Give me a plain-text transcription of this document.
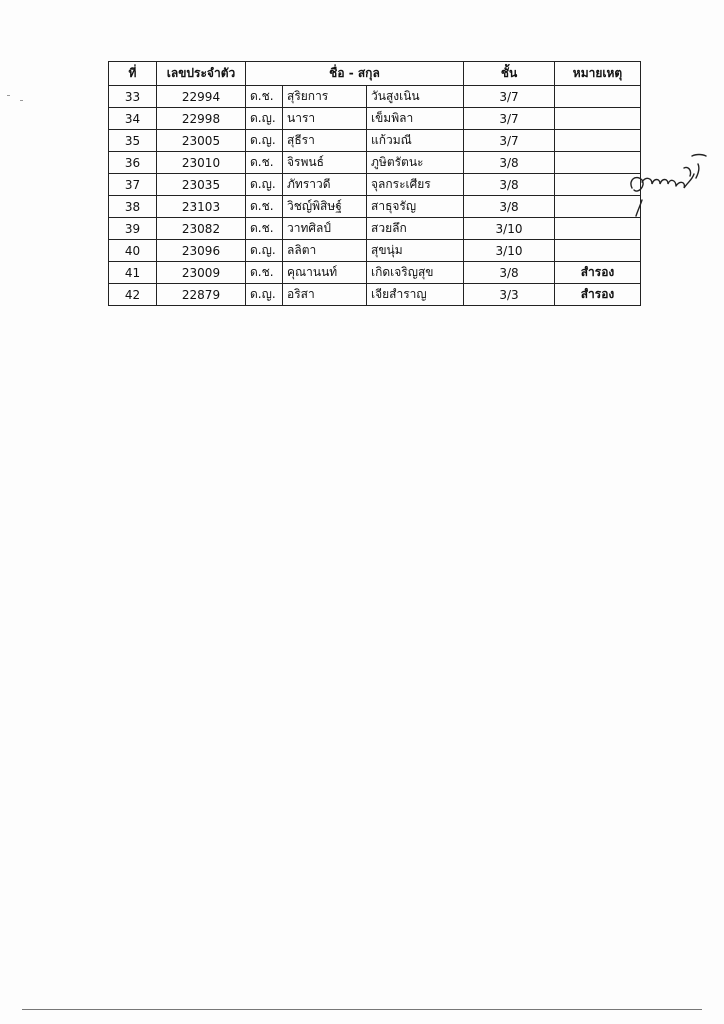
ที่	เลขประจำตัว	ชื่อ - สกุล			ชั้น	หมายเหตุ
33	22994	ด.ช.	สุริยการ	วันสูงเนิน	3/7	
34	22998	ด.ญ.	นารา	เข็มพิลา	3/7	
35	23005	ด.ญ.	สุธีรา	แก้วมณี	3/7	
36	23010	ด.ช.	จิรพนธ์	ภูษิตรัตนะ	3/8	
37	23035	ด.ญ.	ภัทราวดี	จุลกระเศียร	3/8	
38	23103	ด.ช.	วิชญ์พิสิษฐ์	สาธุจรัญ	3/8	
39	23082	ด.ช.	วาทศิลป์	สวยลึก	3/10	
40	23096	ด.ญ.	ลลิตา	สุขนุ่ม	3/10	
41	23009	ด.ช.	คุณานนท์	เกิดเจริญสุข	3/8	สำรอง
42	22879	ด.ญ.	อริสา	เจียสำราญ	3/3	สำรอง
